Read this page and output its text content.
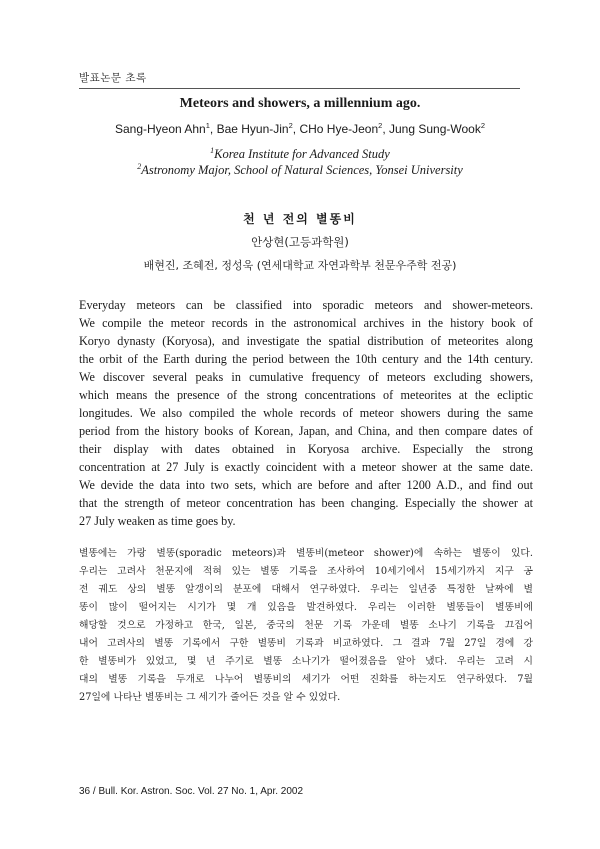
발표논문 초록
Meteors and showers, a millennium ago.
Sang-Hyeon Ahn$^1$, Bae Hyun-Jin$^2$, CHo Hye-Jeon$^2$, Jung Sung-Wook$^2$
$^1$Korea Institute for Advanced Study
$^2$Astronomy Major, School of Natural Sciences, Yonsei University
천 년 전의 별똥비
안상현(고등과학원)
배현진, 조혜전, 정성욱 (연세대학교 자연과학부 천문우주학 전공)
Everyday meteors can be classified into sporadic meteors and shower-meteors.
We compile the meteor records in the astronomical archives in the history book of
Koryo dynasty (Koryosa), and investigate the spatial distribution of meteorites along
the orbit of the Earth during the period between the 10th century and the 14th century.
We discover several peaks in cumulative frequency of meteors excluding showers,
which means the presence of the strong concentrations of meteorites at the ecliptic
longitudes. We also compiled the whole records of meteor showers during the same
period from the history books of Korean, Japan, and China, and then compare dates of
their display with dates obtained in Koryosa archive. Especially the strong
concentration at 27 July is exactly coincident with a meteor shower at the same date.
We devide the data into two sets, which are before and after 1200 A.D., and find out
that the strength of meteor concentration has been changing. Especially the shower at
27 July weaken as time goes by.
별똥에는 가랑 별똥(sporadic meteors)과 별똥비(meteor shower)에 속하는 별똥이 있다.
우리는 고려사 천문지에 적혀 있는 별똥 기록을 조사하여 10세기에서 15세기까지 지구 공
전 궤도 상의 별똥 알갱이의 분포에 대해서 연구하였다. 우리는 일년중 특정한 날짜에 별
똥이 많이 떨어지는 시기가 몇 개 있음을 발견하였다. 우리는 이러한 별똥들이 별똥비에
해당할 것으로 가정하고 한국, 일본, 중국의 천문 기록 가운데 별똥 소나기 기록을 끄집어
내어 고려사의 별똥 기록에서 구한 별똥비 기록과 비교하였다. 그 결과 7월 27일 경에 강
한 별똥비가 있었고, 몇 년 주기로 별똥 소나기가 떨어졌음을 알아 냈다. 우리는 고려 시
대의 별똥 기록을 두개로 나누어 별똥비의 세기가 어떤 진화를 하는지도 연구하였다. 7월
27일에 나타난 별똥비는 그 세기가 줄어든 것을 알 수 있었다.
36 / Bull. Kor. Astron. Soc. Vol. 27 No. 1, Apr. 2002
